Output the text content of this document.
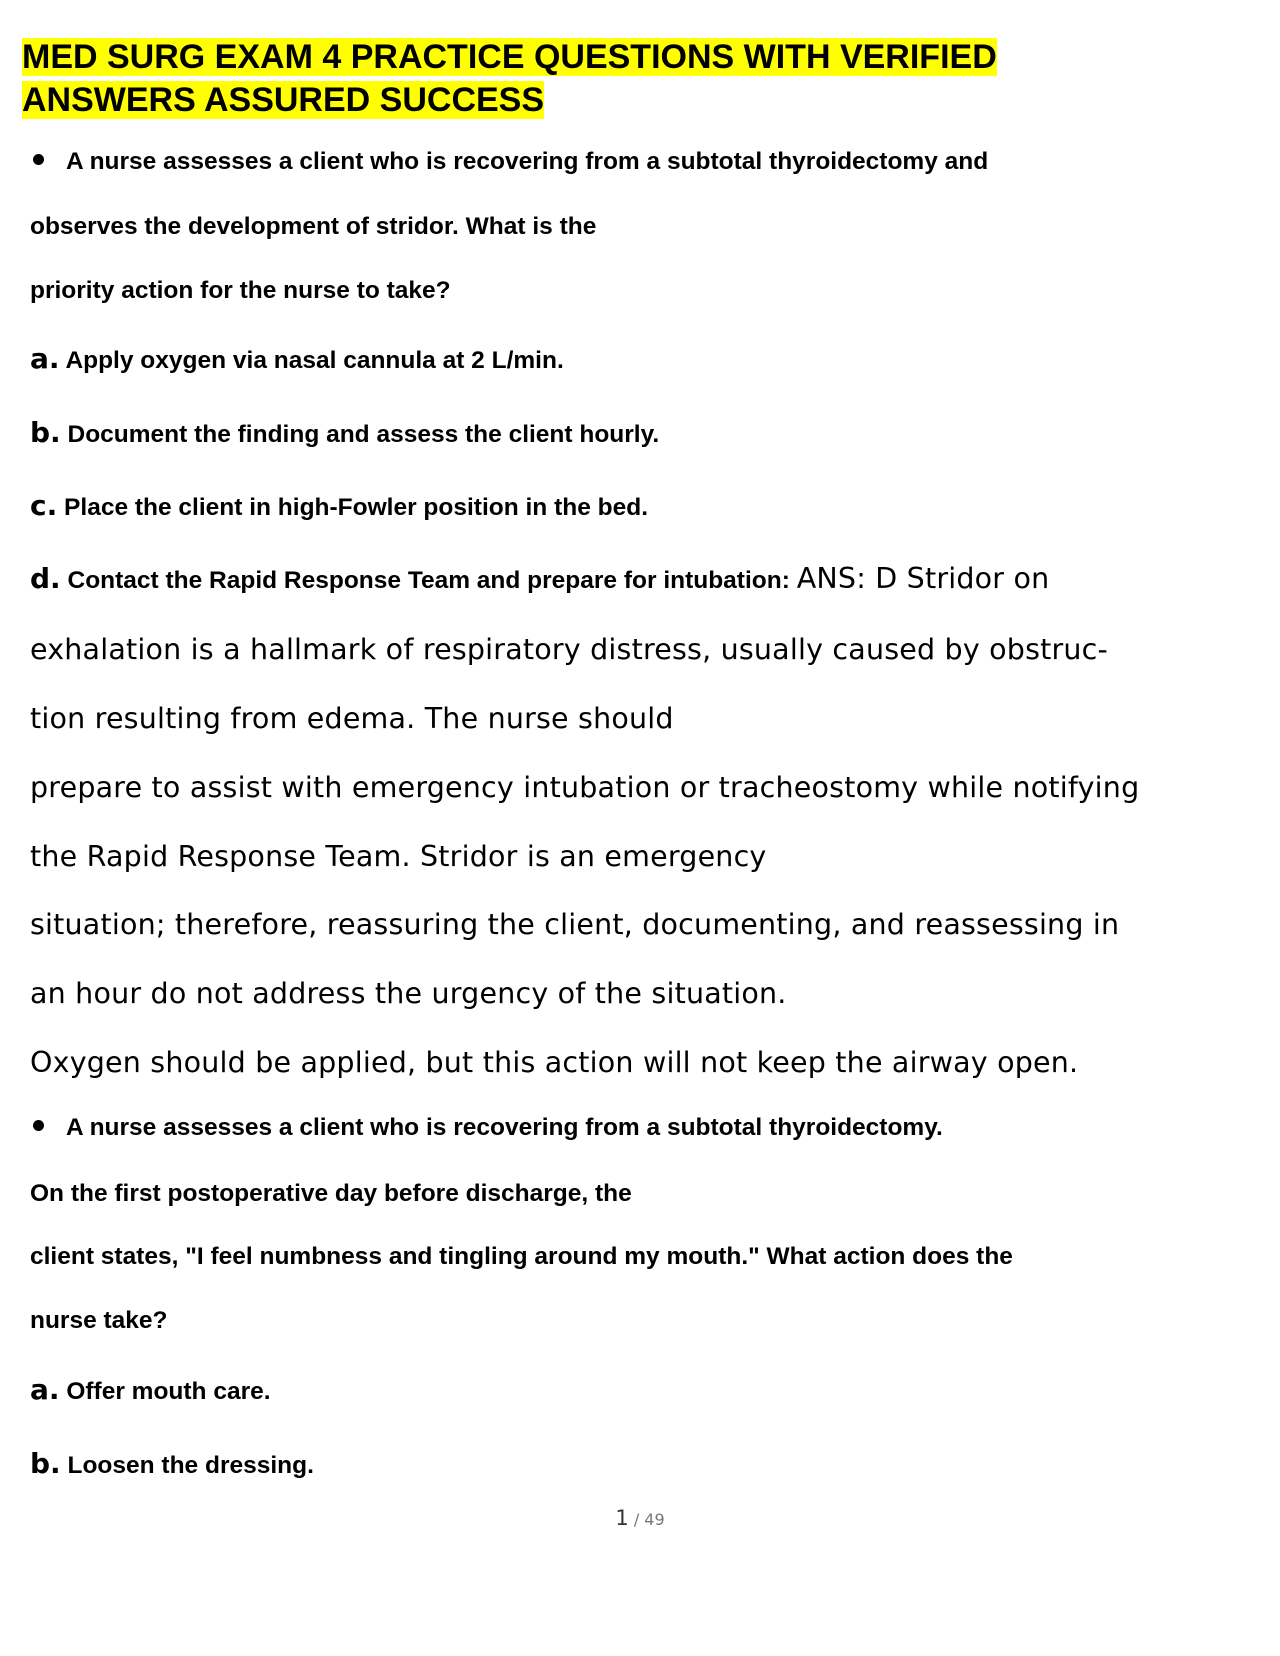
MED SURG EXAM 4 PRACTICE QUESTIONS WITH VERIFIED
ANSWERS ASSURED SUCCESS

A nurse assesses a client who is recovering from a subtotal thyroidectomy and

observes the development of stridor. What is the

priority action for the nurse to take?

a. Apply oxygen via nasal cannula at 2 L/min.

b. Document the finding and assess the client hourly.

c. Place the client in high-Fowler position in the bed.

d. Contact the Rapid Response Team and prepare for intubation: ANS: D Stridor on

exhalation is a hallmark of respiratory distress, usually caused by obstruc-

tion resulting from edema. The nurse should

prepare to assist with emergency intubation or tracheostomy while notifying

the Rapid Response Team. Stridor is an emergency

situation; therefore, reassuring the client, documenting, and reassessing in

an hour do not address the urgency of the situation.

Oxygen should be applied, but this action will not keep the airway open.

A nurse assesses a client who is recovering from a subtotal thyroidectomy.

On the first postoperative day before discharge, the

client states, "I feel numbness and tingling around my mouth." What action does the

nurse take?

a. Offer mouth care.

b. Loosen the dressing.

1 / 49
